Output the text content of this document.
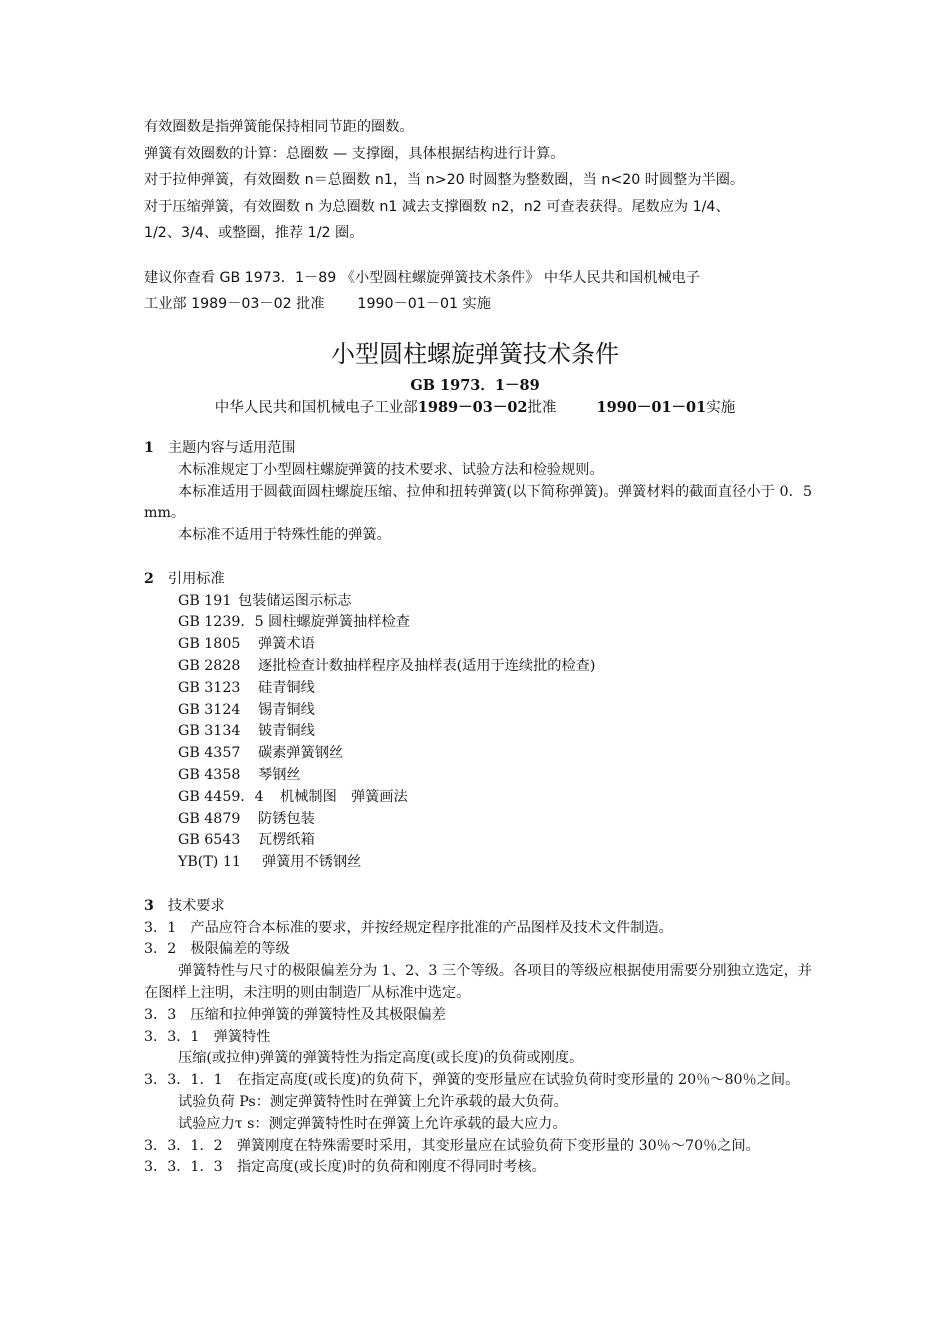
有效圈数是指弹簧能保持相同节距的圈数。
弹簧有效圈数的计算：总圈数 — 支撑圈，具体根据结构进行计算。
对于拉伸弹簧，有效圈数 n＝总圈数 n1，当 n>20 时圆整为整数圈，当 n<20 时圆整为半圈。
对于压缩弹簧，有效圈数 n 为总圈数 n1 减去支撑圈数 n2，n2 可查表获得。尾数应为 1/4、
1/2、3/4、或整圈，推荐 1/2 圈。
建议你查看 GB 1973．1－89 《小型圆柱螺旋弹簧技术条件》 中华人民共和国机械电子
工业部 1989－03－02 批准 　　1990－01－01 实施
小型圆柱螺旋弹簧技术条件
GB 1973．1－89
中华人民共和国机械电子工业部1989－03－02批准	1990－01－01实施
1 主题内容与适用范围
木标准规定丁小型圆柱螺旋弹簧的技术要求、试验方法和检验规则。
本标准适用于圆截面圆柱螺旋压缩、拉伸和扭转弹簧(以下简称弹簧)。弹簧材料的截面直径小于 0．5 mm。
本标准不适用于特殊性能的弹簧。
2 引用标准
GB 191 包装储运图示标志
GB 1239．5 圆柱螺旋弹簧抽样检查
GB 1805 弹簧术语
GB 2828 逐批检查计数抽样程序及抽样表(适用于连续批的检查)
GB 3123 硅青铜线
GB 3124 锡青铜线
GB 3134 铍青铜线
GB 4357 碳素弹簧钢丝
GB 4358 琴钢丝
GB 4459．4 机械制图　弹簧画法
GB 4879 防锈包装
GB 6543 瓦楞纸箱
YB(T) 11 弹簧用不锈钢丝
3 技术要求
3．1　产品应符合本标准的要求，并按经规定程序批准的产品图样及技术文件制造。
3．2　极限偏差的等级
弹簧特性与尺寸的极限偏差分为 1、2、3 三个等级。各项目的等级应根据使用需要分别独立选定，并在图样上注明，未注明的则由制造厂从标准中选定。
3．3　压缩和拉伸弹簧的弹簧特性及其极限偏差
3．3．1　弹簧特性
压缩(或拉伸)弹簧的弹簧特性为指定高度(或长度)的负荷或刚度。
3．3．1．1　在指定高度(或长度)的负荷下，弹簧的变形量应在试验负荷时变形量的 20％～80％之间。
试验负荷 Ps：测定弹簧特性时在弹簧上允许承载的最大负荷。
试验应力τ s：测定弹簧特性时在弹簧上允许承载的最大应力。
3．3．1．2　弹簧刚度在特殊需要时采用，其变形量应在试验负荷下变形量的 30％～70％之间。
3．3．1．3　指定高度(或长度)时的负荷和刚度不得同时考核。
